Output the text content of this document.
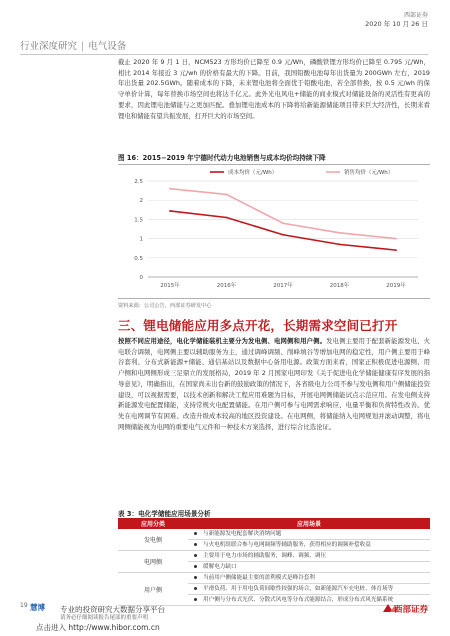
西部证券
2020 年 10 月 26 日
行业深度研究 | 电气设备
截止 2020 年 9 月 1 日，NCM523 方形均价已降至 0.9 元/Wh，磷酸铁锂方形均价已降至 0.795 元/Wh，相比 2014 年接近 3 元/wh 的价格有最大的下降。目前，我国铅酸电池每年出货量为 200GWh 左右，2019 年出货量 202.5GWh。随着成本的下降，未来锂电池将全面优于铅酸电池，若全部替换，按 0.5 元/wh 的保守单价计算，每年替换市场空间也将达千亿元。此外光电风电+储能的商业模式对储能设备的灵活性有更高的要求，因此锂电池储能与之更加匹配。叠加锂电池成本的下降将给新能源储能项目带来巨大经济性，长期来看锂电和储能有望共振发展，打开巨大的市场空间。
图 16：2015−2019 年宁德时代动力电池销售与成本均价均持续下降
0
0.5
1
1.5
2
2.5
2015年	2016年	2017年	2018年	2019年
成本均价（元/Wh）	销售均价（元/Wh）
资料来源：公司公告，西部证券研发中心
三、锂电储能应用多点开花，长期需求空间已打开
按照不同应用途径，电化学储能装机主要分为发电侧、电网侧和用户侧。发电侧主要用于配套新能源发电、火电联合调频，电网侧主要以辅助服务为主，通过调峰调频、削峰填谷等增加电网的稳定性，用户侧主要用于峰谷套利、分布式新能源+储能、通信基站以及数据中心备用电源。政策方面来看，国家正积极促进电源侧、用户侧和电网侧形成三足鼎立的发展格局，2019 年 2 月国家电网印发《关于促进电化学储能健康有序发展的指导意见》，明确指出，在国家尚未出台新的鼓励政策的情况下，各省级电力公司不参与发电侧和用户侧储能投资建设，可以视据需要，以技术创新和解决工程应用难题为目标，开展电网侧储能试点示范应用。在发电侧支持新能源发电配置储能，支持常规火电配置储能。在用户侧可参与电网需求响应、电量平衡和负荷特性改善。优先在电网调节有困难、改造升级成本较高的地区投资建设。在电网侧，将储能纳入电网规划并滚动调整，将电网侧储能视为电网的重要电气元件和一种技术方案选择，进行综合比选论证。
表 3：电化学储能应用场景分析
应用分类	应用场景
发电侧	与新能源发电配套解决消纳问题
	与火电机组联合参与电网调频等辅助服务，获得相应的调频补偿收益
电网侧	主要用于电力市场的辅助服务，调峰、调频、调压
	缓解电力缺口
用户侧	当前用户侧储能最主要的盈利模式是峰谷套利
	平滑负荷、用于用电负荷间歇性较强的场合，如新能源汽车充电桩、体育场等
	用户侧与分布式光伏、分散式风电等分布式能源结合，形成分布式风光储系统
19 慧博 专业的投资研究大数据分享平台
请务必仔细阅读报告尾部的重要声明
点击进入 http://www.hibor.com.cn
西部证券
